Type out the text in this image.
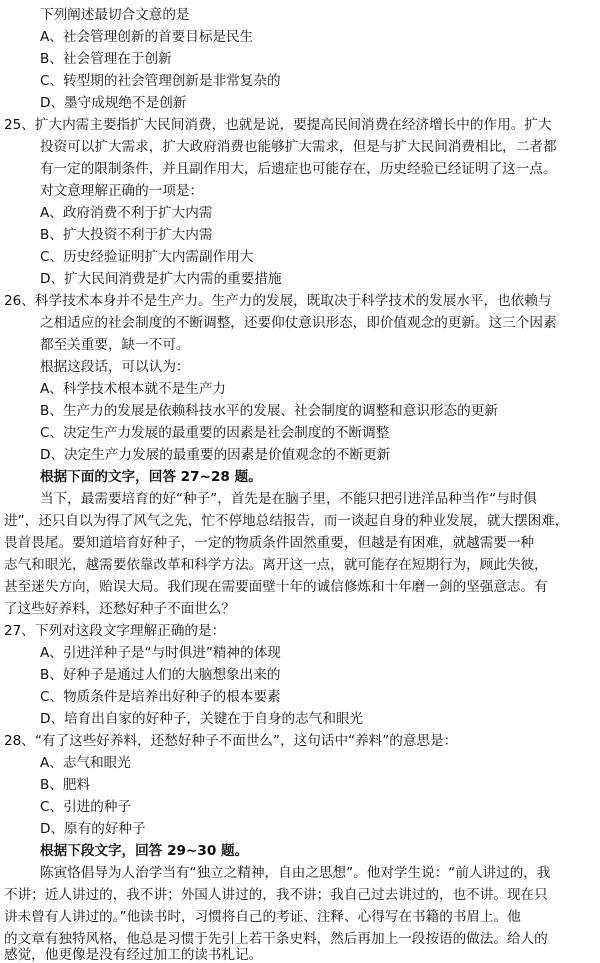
下列阐述最切合文意的是
A、社会管理创新的首要目标是民生
B、社会管理在于创新
C、转型期的社会管理创新是非常复杂的
D、墨守成规绝不是创新
25、扩大内需主要指扩大民间消费，也就是说，要提高民间消费在经济增长中的作用。扩大
投资可以扩大需求，扩大政府消费也能够扩大需求，但是与扩大民间消费相比，二者都
有一定的限制条件，并且副作用大，后遗症也可能存在，历史经验已经证明了这一点。
对文意理解正确的一项是：
A、政府消费不利于扩大内需
B、扩大投资不利于扩大内需
C、历史经验证明扩大内需副作用大
D、扩大民间消费是扩大内需的重要措施
26、科学技术本身并不是生产力。生产力的发展，既取决于科学技术的发展水平，也依赖与
之相适应的社会制度的不断调整，还要仰仗意识形态，即价值观念的更新。这三个因素
都至关重要，缺一不可。
根据这段话，可以认为：
A、科学技术根本就不是生产力
B、生产力的发展是依赖科技水平的发展、社会制度的调整和意识形态的更新
C、决定生产力发展的最重要的因素是社会制度的不断调整
D、决定生产力发展的最重要的因素是价值观念的不断更新
根据下面的文字，回答 27~28 题。
当下，最需要培育的好“种子”，首先是在脑子里，不能只把引进洋品种当作“与时俱
进”，还只自以为得了风气之先，忙不停地总结报告，而一谈起自身的种业发展，就大摆困难，
畏首畏尾。要知道培育好种子，一定的物质条件固然重要，但越是有困难，就越需要一种
志气和眼光，越需要依靠改革和科学方法。离开这一点，就可能存在短期行为，顾此失彼，
甚至迷失方向，贻误大局。我们现在需要面壁十年的诚信修炼和十年磨一剑的坚强意志。有
了这些好养料，还愁好种子不面世么？
27、下列对这段文字理解正确的是：
A、引进洋种子是“与时俱进”精神的体现
B、好种子是通过人们的大脑想象出来的
C、物质条件是培养出好种子的根本要素
D、培育出自家的好种子，关键在于自身的志气和眼光
28、“有了这些好养料，还愁好种子不面世么”，这句话中“养料”的意思是：
A、志气和眼光
B、肥料
C、引进的种子
D、原有的好种子
根据下段文字，回答 29~30 题。
陈寅恪倡导为人治学当有“独立之精神，自由之思想”。他对学生说：“前人讲过的，我
不讲；近人讲过的，我不讲；外国人讲过的，我不讲；我自己过去讲过的，也不讲。现在只
讲未曾有人讲过的。”他读书时，习惯将自己的考证、注释、心得写在书籍的书眉上。他
的文章有独特风格，他总是习惯于先引上若干条史料，然后再加上一段按语的做法。给人的
感觉，他更像是没有经过加工的读书札记。
